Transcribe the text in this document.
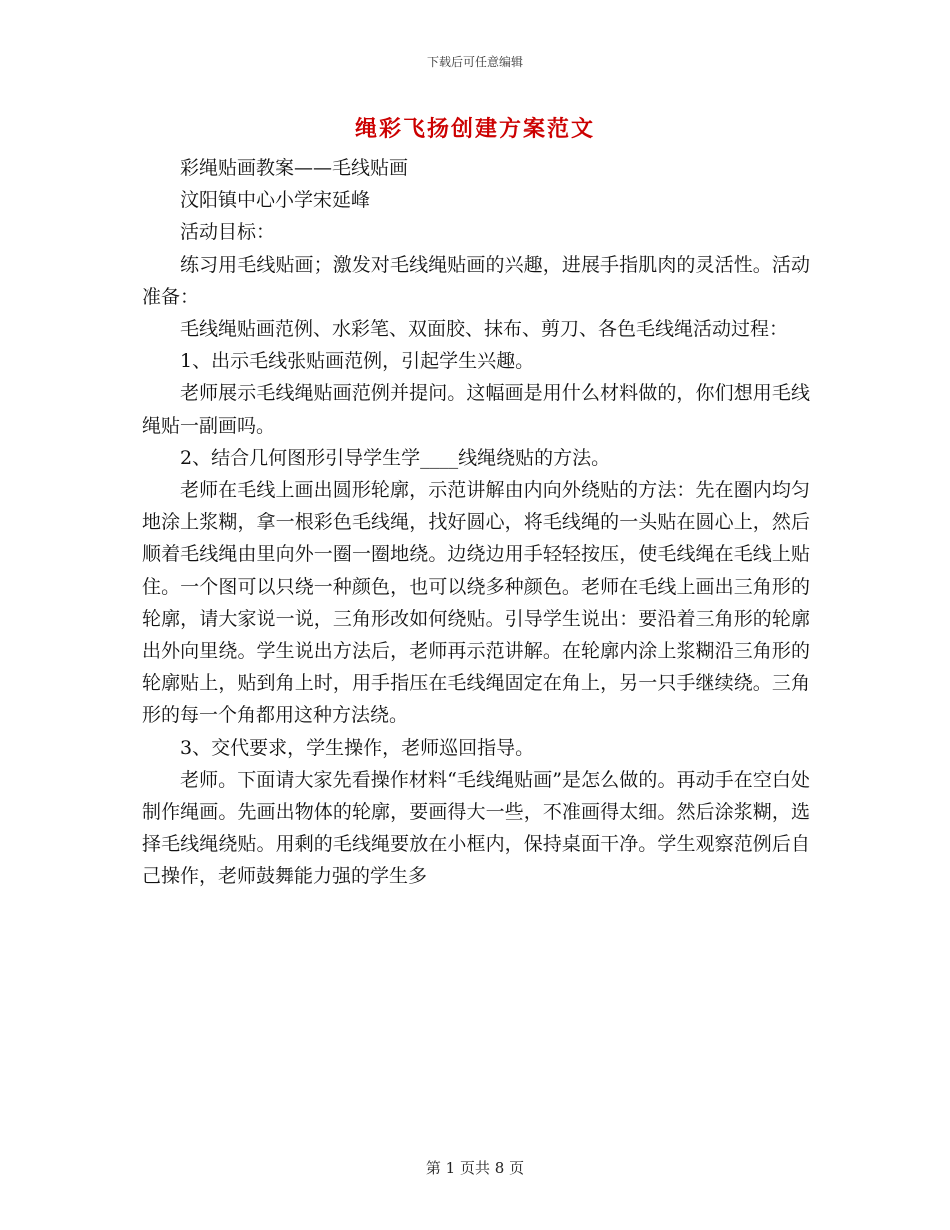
下载后可任意编辑
绳彩飞扬创建方案范文

彩绳贴画教案——毛线贴画

汶阳镇中心小学宋延峰

活动目标：

练习用毛线贴画；激发对毛线绳贴画的兴趣，进展手指肌肉的灵活性。活动准备：

毛线绳贴画范例、水彩笔、双面胶、抹布、剪刀、各色毛线绳活动过程：

1、出示毛线张贴画范例，引起学生兴趣。

老师展示毛线绳贴画范例并提问。这幅画是用什么材料做的，你们想用毛线绳贴一副画吗。

2、结合几何图形引导学生学____线绳绕贴的方法。

老师在毛线上画出圆形轮廓，示范讲解由内向外绕贴的方法：先在圈内均匀地涂上浆糊，拿一根彩色毛线绳，找好圆心，将毛线绳的一头贴在圆心上，然后顺着毛线绳由里向外一圈一圈地绕。边绕边用手轻轻按压，使毛线绳在毛线上贴住。一个图可以只绕一种颜色，也可以绕多种颜色。老师在毛线上画出三角形的轮廓，请大家说一说，三角形改如何绕贴。引导学生说出：要沿着三角形的轮廓出外向里绕。学生说出方法后，老师再示范讲解。在轮廓内涂上浆糊沿三角形的轮廓贴上，贴到角上时，用手指压在毛线绳固定在角上，另一只手继续绕。三角形的每一个角都用这种方法绕。

3、交代要求，学生操作，老师巡回指导。

老师。下面请大家先看操作材料“毛线绳贴画”是怎么做的。再动手在空白处制作绳画。先画出物体的轮廓，要画得大一些，不准画得太细。然后涂浆糊，选择毛线绳绕贴。用剩的毛线绳要放在小框内，保持桌面干净。学生观察范例后自己操作，老师鼓舞能力强的学生多

第 1 页共 8 页
